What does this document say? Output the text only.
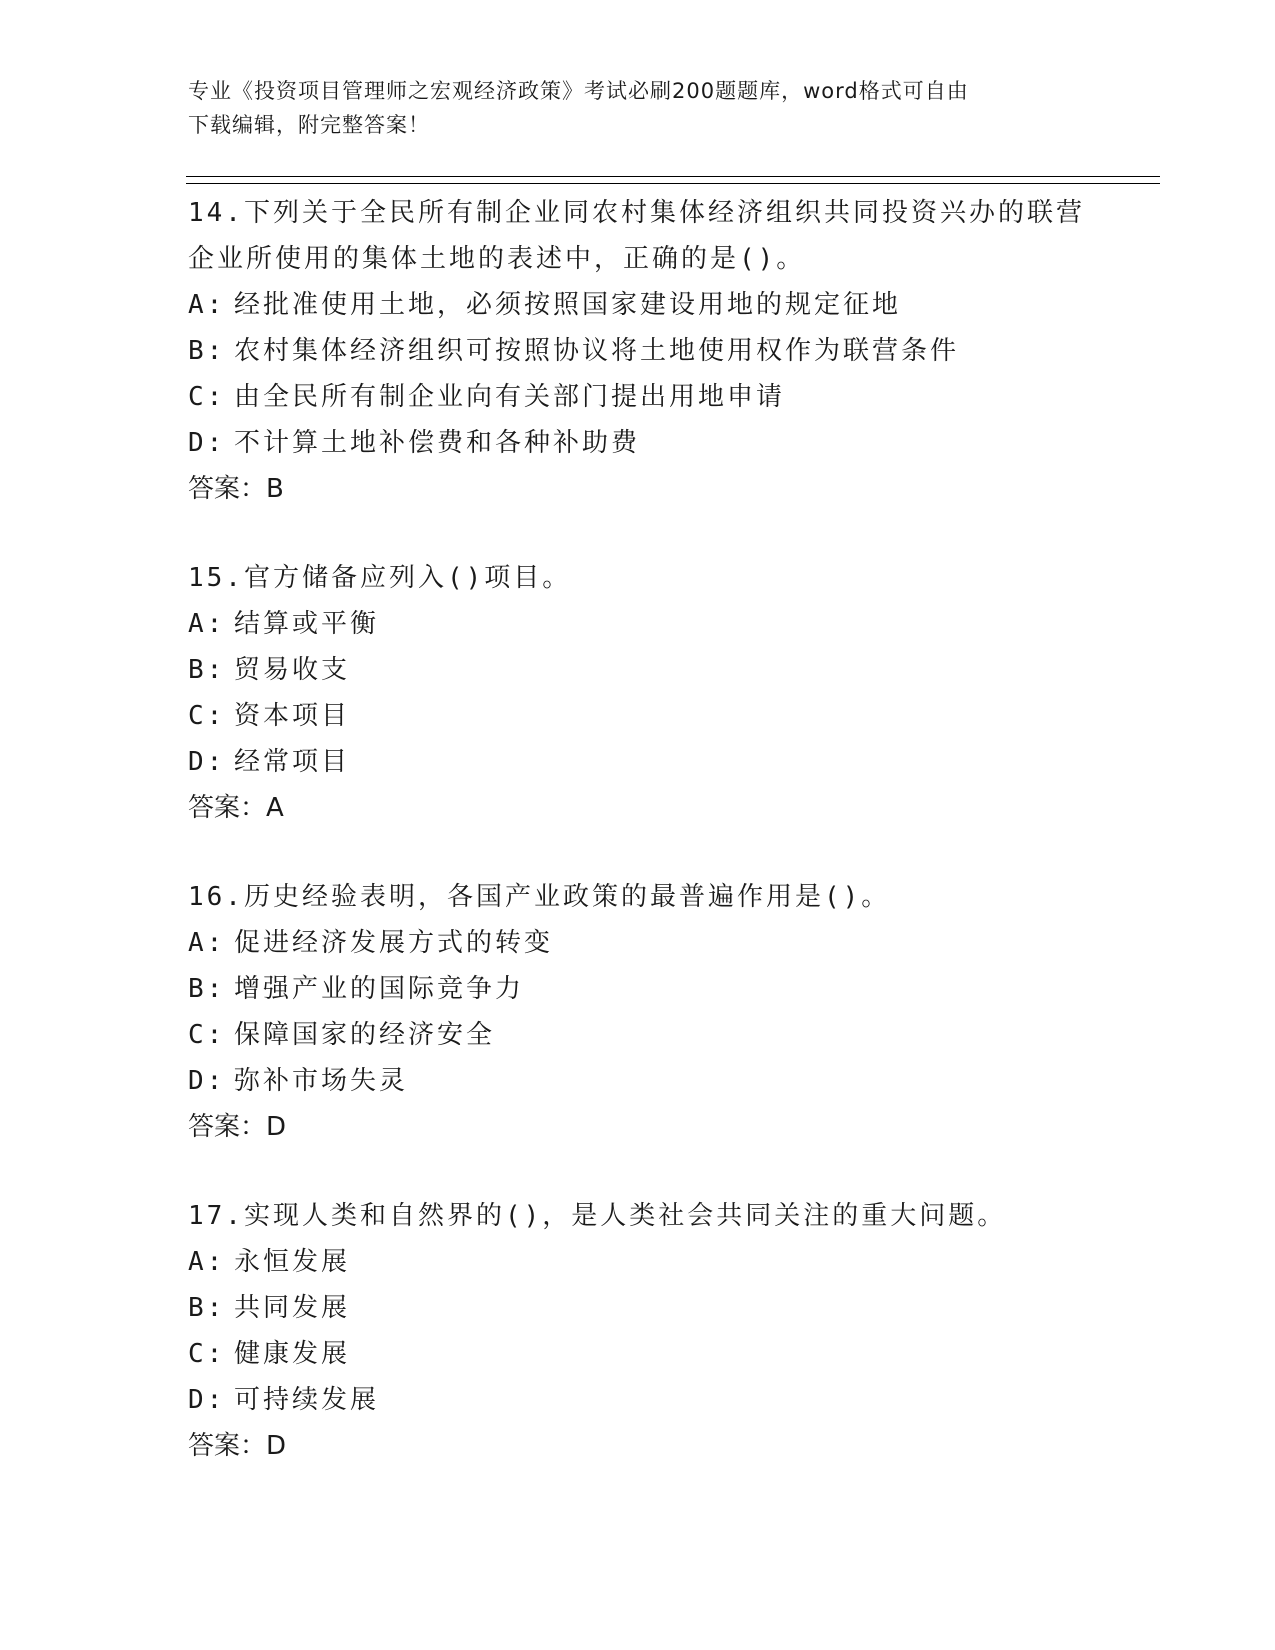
专业《投资项目管理师之宏观经济政策》考试必刷200题题库，word格式可自由
下载编辑，附完整答案！
14.下列关于全民所有制企业同农村集体经济组织共同投资兴办的联营
企业所使用的集体土地的表述中，正确的是()。
A: 经批准使用土地，必须按照国家建设用地的规定征地
B: 农村集体经济组织可按照协议将土地使用权作为联营条件
C: 由全民所有制企业向有关部门提出用地申请
D: 不计算土地补偿费和各种补助费
答案：B
15.官方储备应列入()项目。
A: 结算或平衡
B: 贸易收支
C: 资本项目
D: 经常项目
答案：A
16.历史经验表明，各国产业政策的最普遍作用是()。
A: 促进经济发展方式的转变
B: 增强产业的国际竞争力
C: 保障国家的经济安全
D: 弥补市场失灵
答案：D
17.实现人类和自然界的()，是人类社会共同关注的重大问题。
A: 永恒发展
B: 共同发展
C: 健康发展
D: 可持续发展
答案：D
